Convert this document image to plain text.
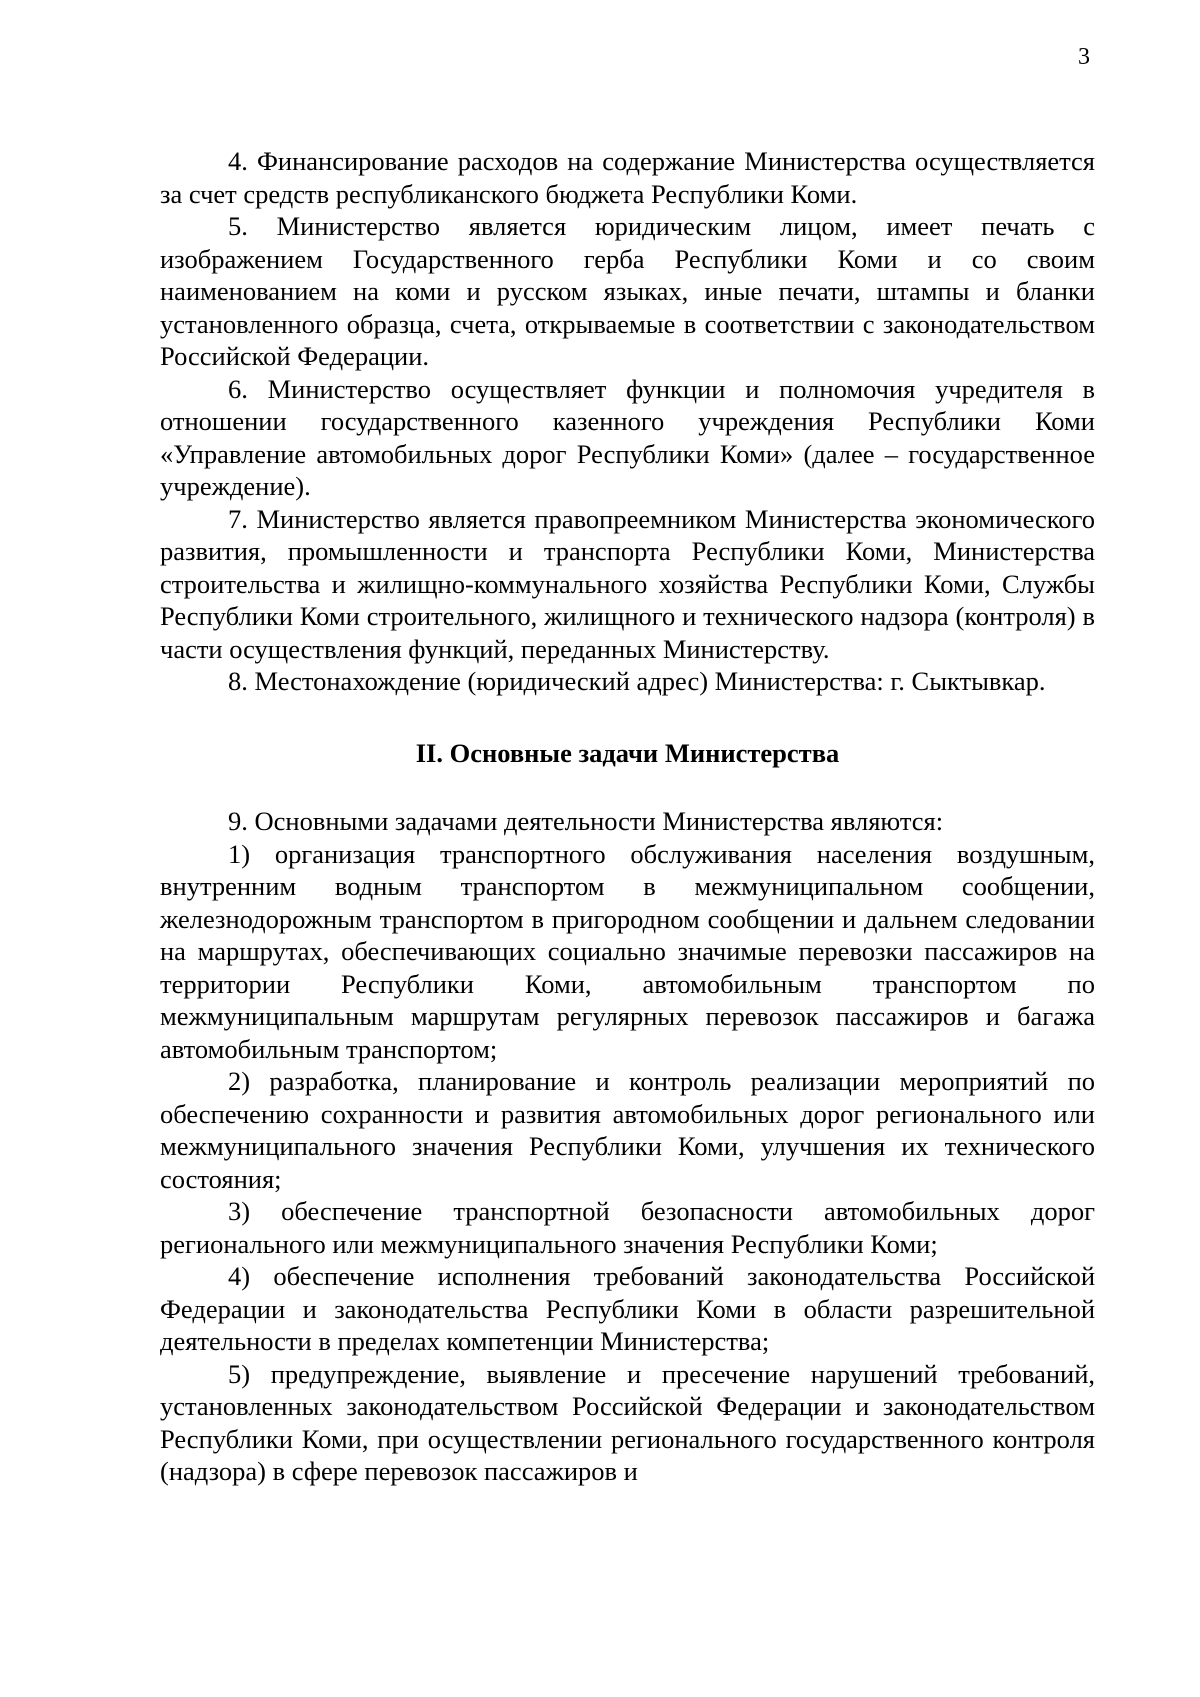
3

4. Финансирование расходов на содержание Министерства осуществляется за счет средств республиканского бюджета Республики Коми.

5. Министерство является юридическим лицом, имеет печать с изображением Государственного герба Республики Коми и со своим наименованием на коми и русском языках, иные печати, штампы и бланки установленного образца, счета, открываемые в соответствии с законодательством Российской Федерации.

6. Министерство осуществляет функции и полномочия учредителя в отношении государственного казенного учреждения Республики Коми «Управление автомобильных дорог Республики Коми» (далее – государственное учреждение).

7. Министерство является правопреемником Министерства экономического развития, промышленности и транспорта Республики Коми, Министерства строительства и жилищно-коммунального хозяйства Республики Коми, Службы Республики Коми строительного, жилищного и технического надзора (контроля) в части осуществления функций, переданных Министерству.

8. Местонахождение (юридический адрес) Министерства: г. Сыктывкар.

II. Основные задачи Министерства

9. Основными задачами деятельности Министерства являются:

1) организация транспортного обслуживания населения воздушным, внутренним водным транспортом в межмуниципальном сообщении, железнодорожным транспортом в пригородном сообщении и дальнем следовании на маршрутах, обеспечивающих социально значимые перевозки пассажиров на территории Республики Коми, автомобильным транспортом по межмуниципальным маршрутам регулярных перевозок пассажиров и багажа автомобильным транспортом;

2) разработка, планирование и контроль реализации мероприятий по обеспечению сохранности и развития автомобильных дорог регионального или межмуниципального значения Республики Коми, улучшения их технического состояния;

3) обеспечение транспортной безопасности автомобильных дорог регионального или межмуниципального значения Республики Коми;

4) обеспечение исполнения требований законодательства Российской Федерации и законодательства Республики Коми в области разрешительной деятельности в пределах компетенции Министерства;

5) предупреждение, выявление и пресечение нарушений требований, установленных законодательством Российской Федерации и законодательством Республики Коми, при осуществлении регионального государственного контроля (надзора) в сфере перевозок пассажиров и
